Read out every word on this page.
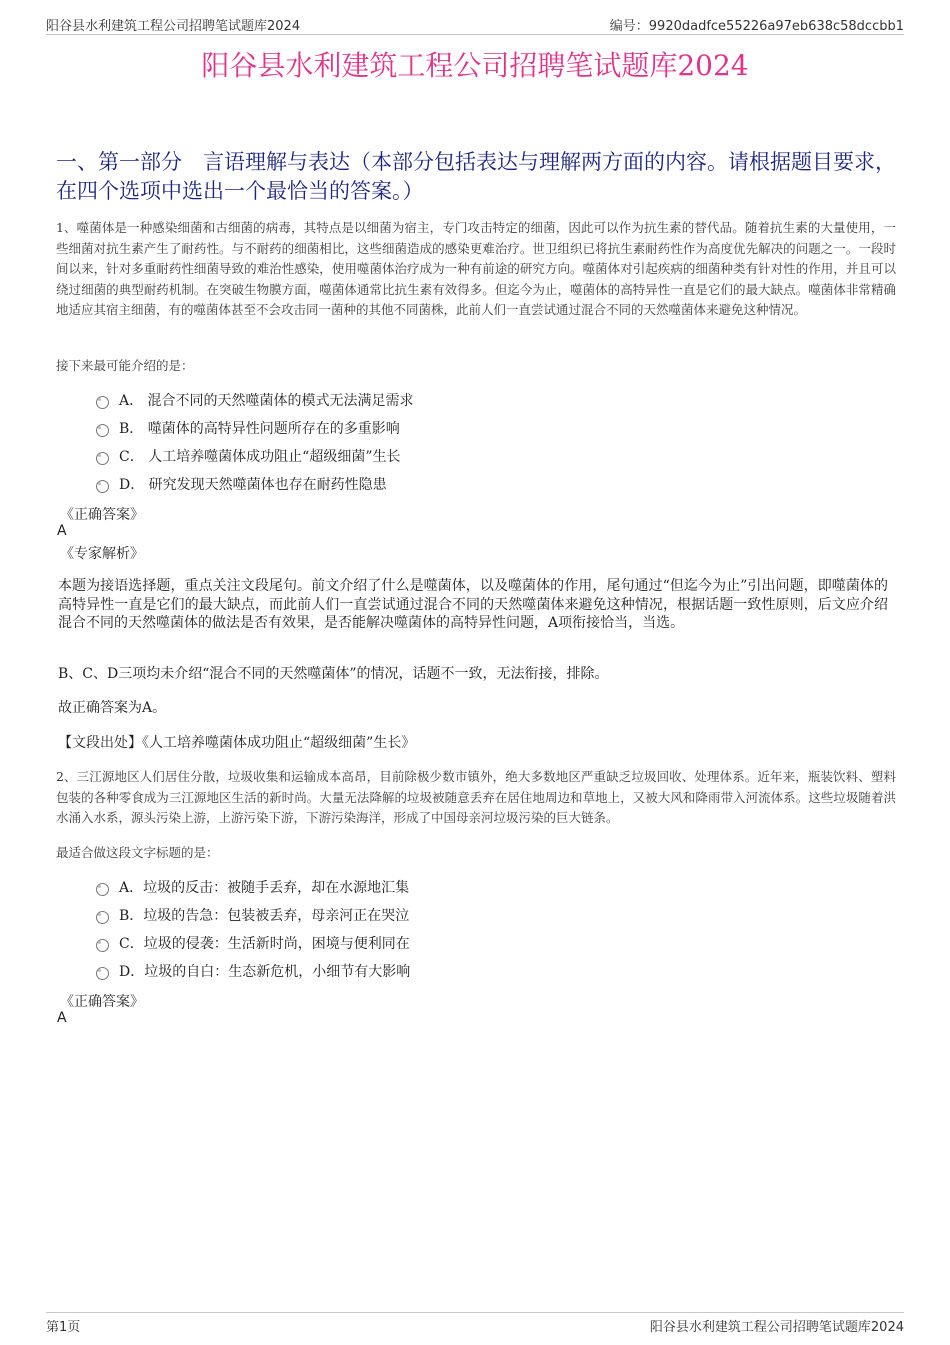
阳谷县水利建筑工程公司招聘笔试题库2024	编号：9920dadfce55226a97eb638c58dccbb1
阳谷县水利建筑工程公司招聘笔试题库2024
一、第一部分　言语理解与表达（本部分包括表达与理解两方面的内容。请根据题目要求，在四个选项中选出一个最恰当的答案。）
1、噬菌体是一种感染细菌和古细菌的病毒，其特点是以细菌为宿主，专门攻击特定的细菌，因此可以作为抗生素的替代品。随着抗生素的大量使用，一些细菌对抗生素产生了耐药性。与不耐药的细菌相比，这些细菌造成的感染更难治疗。世卫组织已将抗生素耐药性作为高度优先解决的问题之一。一段时间以来，针对多重耐药性细菌导致的难治性感染，使用噬菌体治疗成为一种有前途的研究方向。噬菌体对引起疾病的细菌种类有针对性的作用，并且可以绕过细菌的典型耐药机制。在突破生物膜方面，噬菌体通常比抗生素有效得多。但迄今为止，噬菌体的高特异性一直是它们的最大缺点。噬菌体非常精确地适应其宿主细菌，有的噬菌体甚至不会攻击同一菌种的其他不同菌株，此前人们一直尝试通过混合不同的天然噬菌体来避免这种情况。
接下来最可能介绍的是：
A． 混合不同的天然噬菌体的模式无法满足需求
B． 噬菌体的高特异性问题所存在的多重影响
C． 人工培养噬菌体成功阻止“超级细菌”生长
D． 研究发现天然噬菌体也存在耐药性隐患
《正确答案》
A
《专家解析》
本题为接语选择题，重点关注文段尾句。前文介绍了什么是噬菌体，以及噬菌体的作用，尾句通过“但迄今为止”引出问题，即噬菌体的高特异性一直是它们的最大缺点，而此前人们一直尝试通过混合不同的天然噬菌体来避免这种情况，根据话题一致性原则，后文应介绍混合不同的天然噬菌体的做法是否有效果，是否能解决噬菌体的高特异性问题，A项衔接恰当，当选。
B、C、D三项均未介绍“混合不同的天然噬菌体”的情况，话题不一致，无法衔接，排除。
故正确答案为A。
【文段出处】《人工培养噬菌体成功阻止“超级细菌”生长》
2、三江源地区人们居住分散，垃圾收集和运输成本高昂，目前除极少数市镇外，绝大多数地区严重缺乏垃圾回收、处理体系。近年来，瓶装饮料、塑料包装的各种零食成为三江源地区生活的新时尚。大量无法降解的垃圾被随意丢弃在居住地周边和草地上，又被大风和降雨带入河流体系。这些垃圾随着洪水涌入水系，源头污染上游，上游污染下游，下游污染海洋，形成了中国母亲河垃圾污染的巨大链条。
最适合做这段文字标题的是：
A．垃圾的反击：被随手丢弃，却在水源地汇集
B．垃圾的告急：包装被丢弃，母亲河正在哭泣
C．垃圾的侵袭：生活新时尚，困境与便利同在
D．垃圾的自白：生态新危机，小细节有大影响
《正确答案》
A
第1页	阳谷县水利建筑工程公司招聘笔试题库2024
